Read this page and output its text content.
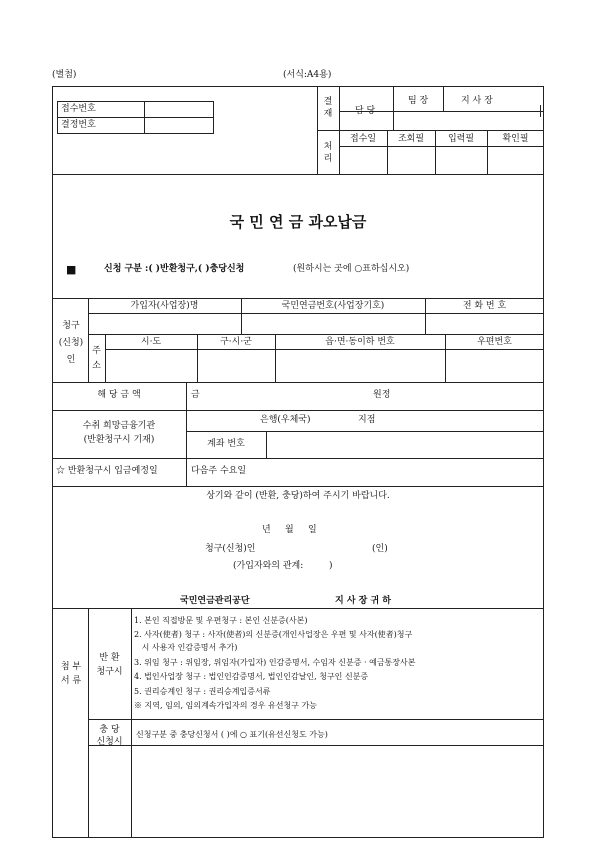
(별첨)	(서식:A4용)
접수번호
결정번호
결
재
처
리
담 당
팀 장	지 사 장
접수일	조회필	입력필	확인필
국 민 연 금 과오납금
■	신청 구분 :( )반환청구,( )충당신청	(원하시는 곳에 ○표하십시오)
청구
(신청)
인
가입자(사업장)명	국민연금번호(사업장기호)	전 화 번 호
주
소
시·도	구·시·군	읍·면·동이하 번호	우편번호
해 당 금 액	금	원정
수취 희망금융기관
(반환청구시 기재)
은행(우체국)	지점
계좌 번호
☆ 반환청구시 입금예정일	다음주 수요일
상기와 같이 (반환, 충당)하여 주시기 바랍니다.
년     월     일
청구(신청)인	(인)
(가입자와의 관계:         )
국민연금관리공단	지 사 장 귀 하
첨 부
서 류
반 환
청구시
1. 본인 직접방문 및 우편청구 : 본인 신분증(사본)
2. 사자(使者) 청구 : 사자(使者)의 신분증(개인사업장은 우편 및 사자(使者)청구
시 사용자 인감증명서 추가)
3. 위임 청구 : 위임장, 위임자(가입자) 인감증명서, 수임자 신분증 · 예금통장사본
4. 법인사업장 청구 : 법인인감증명서, 법인인감날인, 청구인 신분증
5. 권리승계인 청구 : 권리승계입증서류
※ 지역, 임의, 임의계속가입자의 경우 유선청구 가능
충 당
신청시
신청구분 중 충당신청서 ( )에 ○ 표기(유선신청도 가능)
